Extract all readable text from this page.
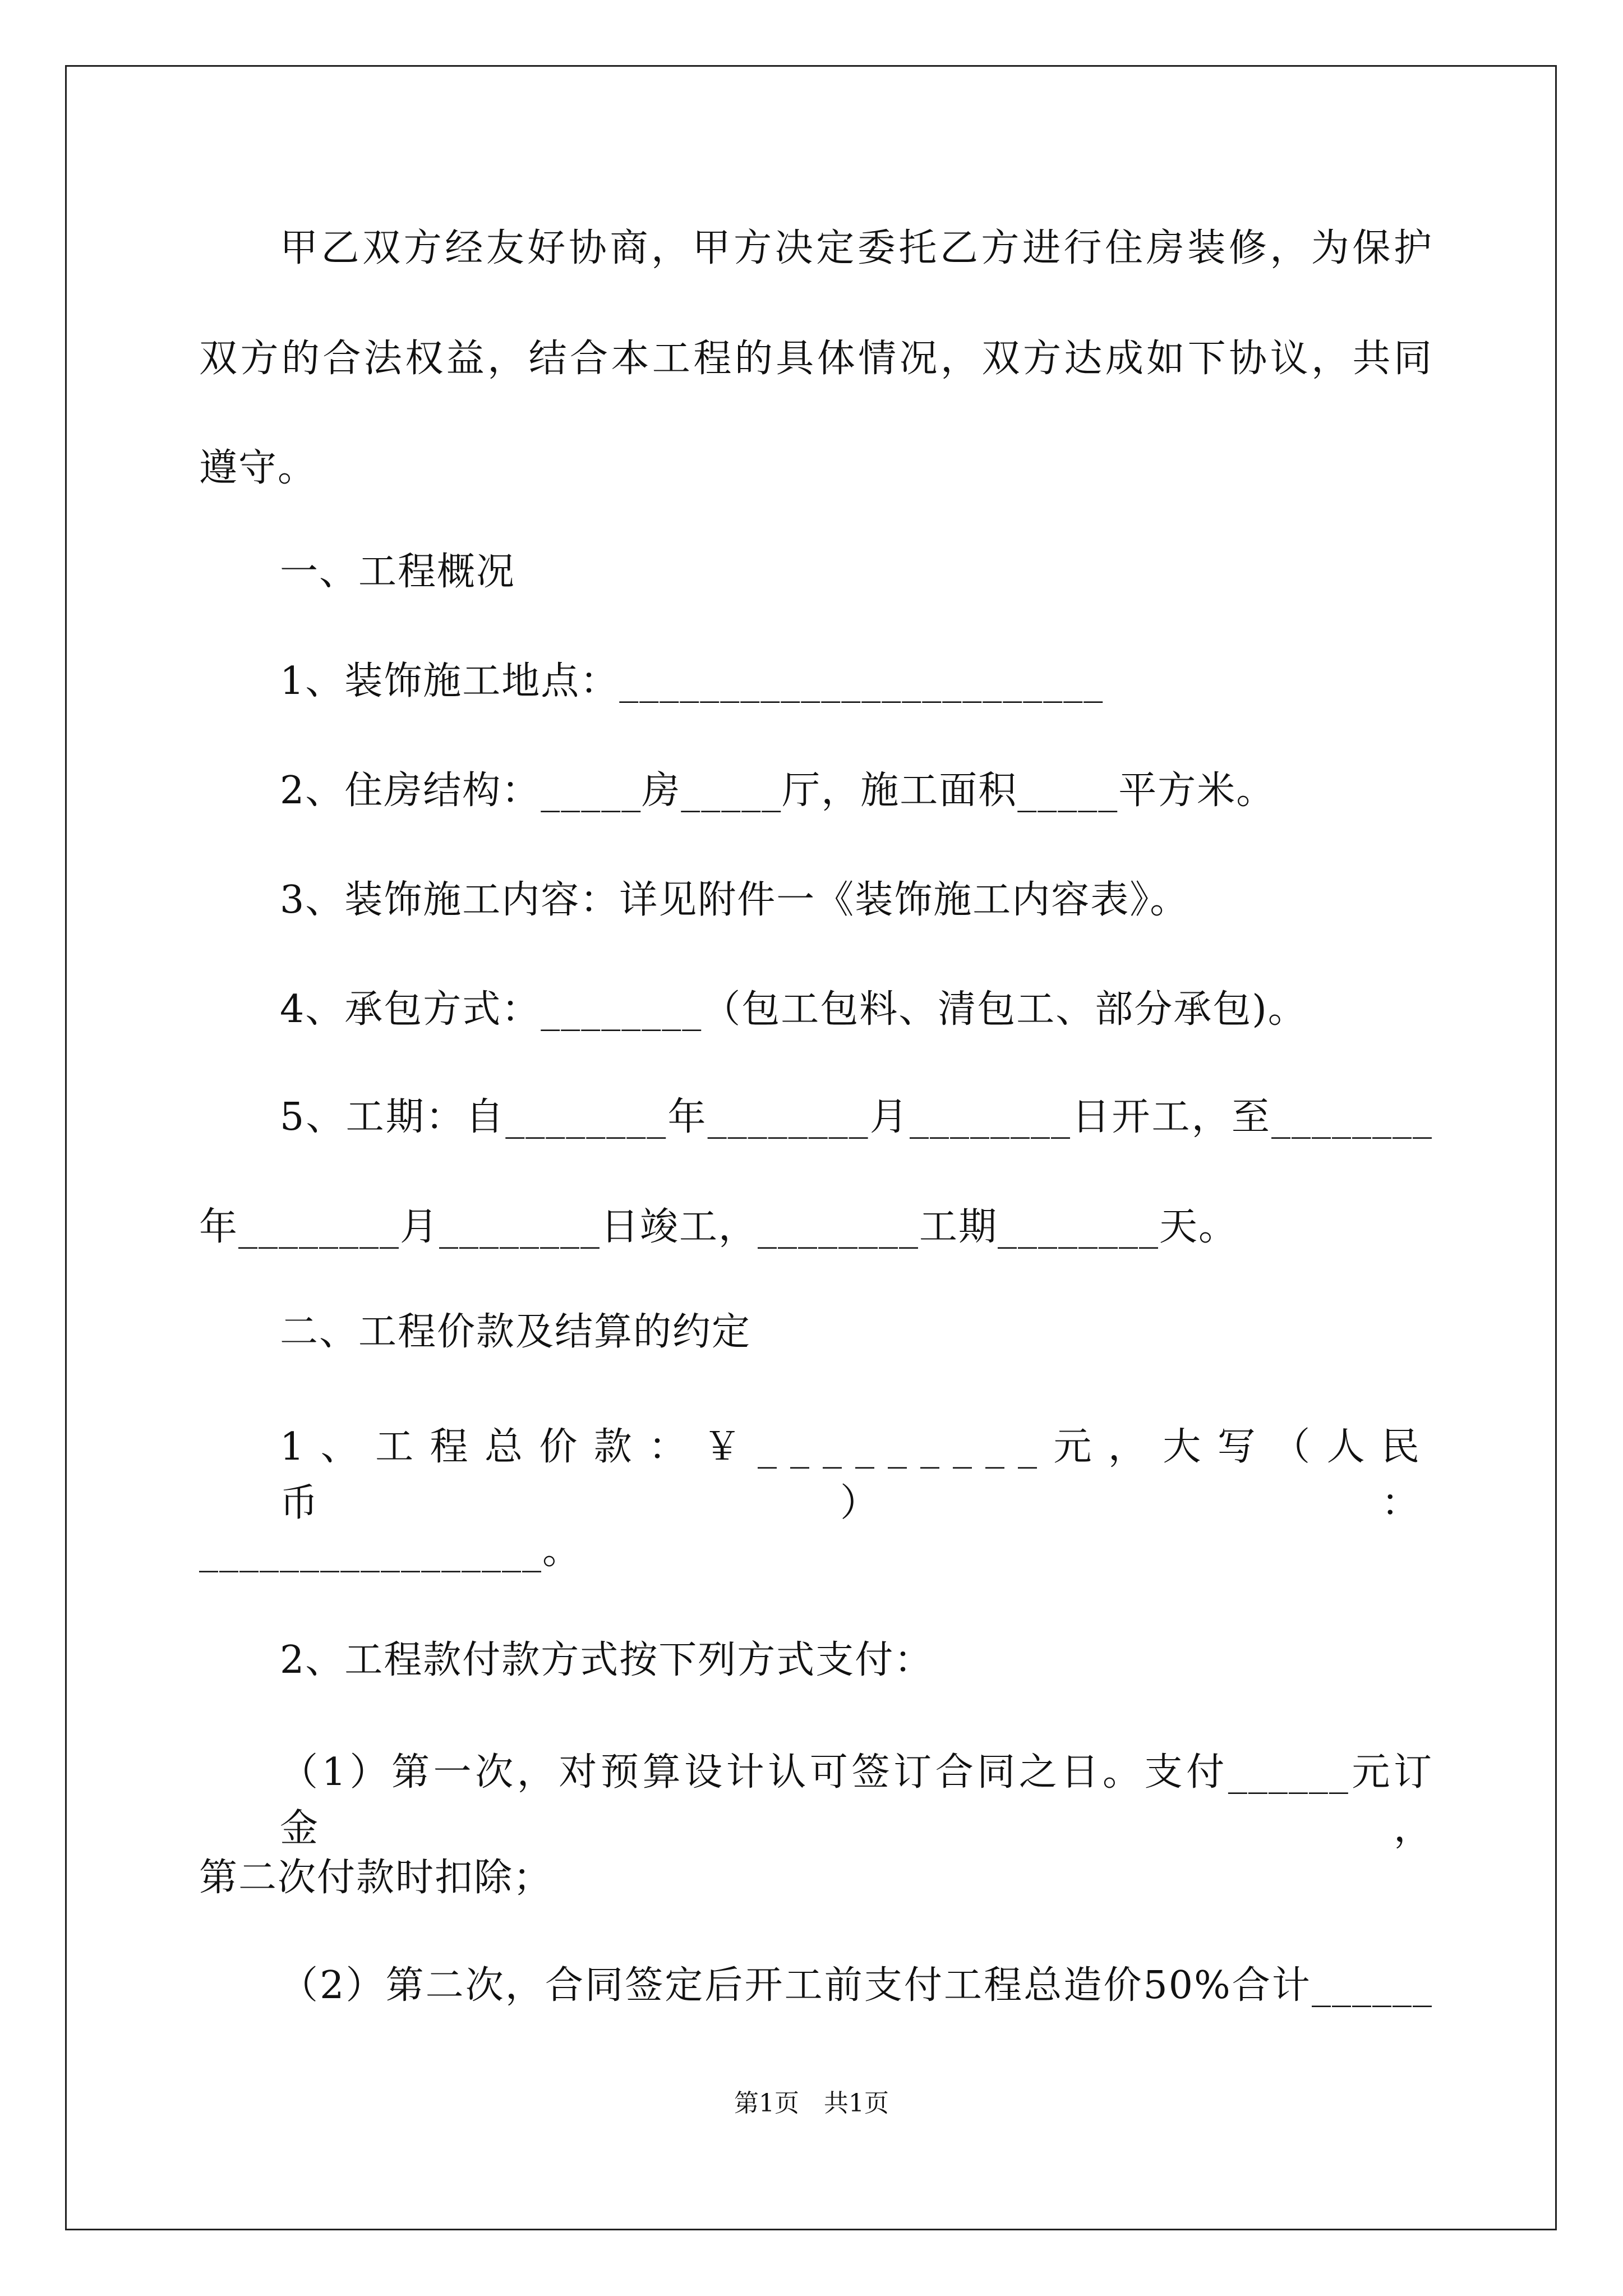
甲乙双方经友好协商，甲方决定委托乙方进行住房装修，为保护
双方的合法权益，结合本工程的具体情况，双方达成如下协议，共同
遵守。
一、工程概况
1、装饰施工地点：________________________
2、住房结构：_____房_____厅，施工面积_____平方米。
3、装饰施工内容：详见附件一《装饰施工内容表》。
4、承包方式：________（包工包料、清包工、部分承包)。
5、工期：自________年________月________日开工，至________
年________月________日竣工，________工期________天。
二、工程价款及结算的约定
1、工程总价款：￥_________元，大写（人民币）：
_________________。
2、工程款付款方式按下列方式支付：
（1）第一次，对预算设计认可签订合同之日。支付______元订金，
第二次付款时扣除；
（2）第二次，合同签定后开工前支付工程总造价50%合计______
第1页　共1页
